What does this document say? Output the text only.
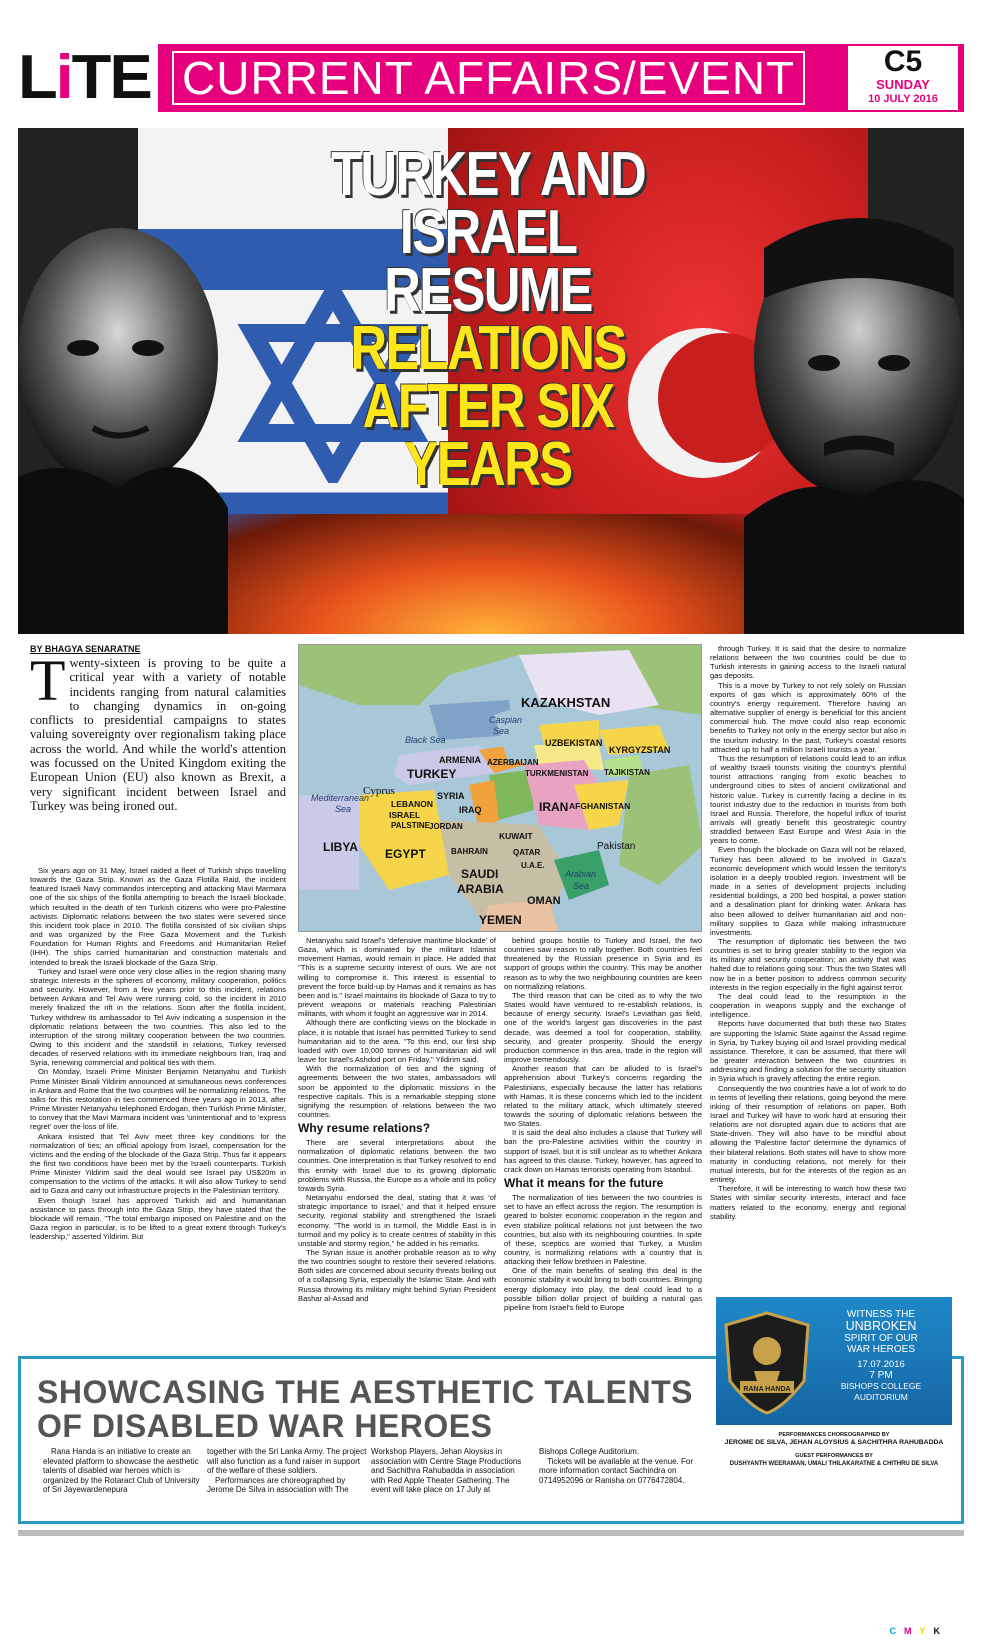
LiTE CURRENT AFFAIRS/EVENT	C5
SUNDAY
10 JULY 2016
TURKEY AND
ISRAEL
RESUME
RELATIONS
AFTER SIX
YEARS
BY BHAGYA SENARATNE
Twenty-sixteen is proving to be quite a critical year with a variety of notable incidents ranging from natural calamities to changing dynamics in on-going conflicts to presidential campaigns to states valuing sovereignty over regionalism taking place across the world. And while the world's attention was focussed on the United Kingdom exiting the European Union (EU) also known as Brexit, a very significant incident between Israel and Turkey was being ironed out.

Six years ago on 31 May, Israel raided a fleet of Turkish ships travelling towards the Gaza Strip. Known as the Gaza Flotilla Raid, the incident featured Israeli Navy commandos intercepting and attacking Mavi Marmara one of the six ships of the flotilla attempting to breach the Israeli blockade, which resulted in the death of ten Turkish citizens who were pro-Palestine activists. Diplomatic relations between the two states were severed since this incident took place in 2010. The flotilla consisted of six civilian ships and was organized by the Free Gaza Movement and the Turkish Foundation for Human Rights and Freedoms and Humanitarian Relief (IHH). The ships carried humanitarian and construction materials and intended to break the Israeli blockade of the Gaza Strip.

Turkey and Israel were once very close allies in the region sharing many strategic interests in the spheres of economy, military cooperation, politics and security. However, from a few years prior to this incident, relations between Ankara and Tel Aviv were running cold, so the incident in 2010 merely finalized the rift in the relations. Soon after the flotilla incident, Turkey withdrew its ambassador to Tel Aviv indicating a suspension in the diplomatic relations between the two countries. This also led to the interruption of the strong military cooperation between the two countries. Owing to this incident and the standstill in relations, Turkey reversed decades of reserved relations with its immediate neighbours Iran, Iraq and Syria, renewing commercial and political ties with them.

On Monday, Israeli Prime Minister Benjamin Netanyahu and Turkish Prime Minister Binali Yildirim announced at simultaneous news conferences in Ankara and Rome that the two countries will be normalizing relations. The talks for this restoration in ties commenced three years ago in 2013, after Prime Minister Netanyahu telephoned Erdogan, then Turkish Prime Minister, to convey that the Mavi Marmara incident was 'unintentional' and to 'express regret' over the loss of life.

Ankara insisted that Tel Aviv meet three key conditions for the normalization of ties; an official apology from Israel, compensation for the victims and the ending of the blockade of the Gaza Strip. Thus far it appears the first two conditions have been met by the Israeli counterparts. Turkish Prime Minister Yildirim said the deal would see Israel pay US$20m in compensation to the victims of the attacks. It will also allow Turkey to send aid to Gaza and carry out infrastructure projects in the Palestinian territory.

Even though Israel has approved Turkish aid and humanitarian assistance to pass through into the Gaza Strip, they have stated that the blockade will remain. "The total embargo imposed on Palestine and on the Gaza region in particular, is to be lifted to a great extent through Turkey's leadership," asserted Yildirim. But

KAZAKHSTAN
UZBEKISTAN
KYRGYZSTAN
TURKMENISTAN TAJIKISTAN
AZERBAIJAN
ARMENIA
TURKEY
SYRIA
LEBANON
ISRAEL
PALSTINE JORDAN
IRAQ	IRAN AFGHANISTAN
Pakistan
KUWAIT
BAHRAIN	QATAR
U.A.E.
OMAN
SAUDI
ARABIA
YEMEN
EGYPT
LIBYA
Cyprus
Black Sea
Caspian
Sea
Mediterranean
Sea
Arabian
Sea

Netanyahu said Israel's 'defensive maritime blockade' of Gaza, which is dominated by the militant Islamist movement Hamas, would remain in place. He added that "This is a supreme security interest of ours. We are not willing to compromise it. This interest is essential to prevent the force build-up by Hamas and it remains as has been and is." Israel maintains its blockade of Gaza to try to prevent weapons or materials reaching Palestinian militants, with whom it fought an aggressive war in 2014.

Although there are conflicting views on the blockade in place, it is notable that Israel has permitted Turkey to send humanitarian aid to the area. "To this end, our first ship loaded with over 10,000 tonnes of humanitarian aid will leave for Israel's Ashdod port on Friday," Yildirim said.

With the normalization of ties and the signing of agreements between the two states, ambassadors will soon be appointed to the diplomatic missions in the respective capitals. This is a remarkable stepping stone signifying the resumption of relations between the two countries.

Why resume relations?

There are several interpretations about the normalization of diplomatic relations between the two countries. One interpretation is that Turkey resolved to end this enmity with Israel due to its growing diplomatic problems with Russia, the Europe as a whole and its policy towards Syria.

Netanyahu endorsed the deal, stating that it was 'of strategic importance to Israel,' and that it helped ensure security, regional stability and strengthened the Israeli economy. "The world is in turmoil, the Middle East is in turmoil and my policy is to create centres of stability in this unstable and stormy region," he added in his remarks.

The Syrian issue is another probable reason as to why the two countries sought to restore their severed relations. Both sides are concerned about security threats boiling out of a collapsing Syria, especially the Islamic State. And with Russia throwing its military might behind Syrian President Bashar al-Assad and

behind groups hostile to Turkey and Israel, the two countries saw reason to rally together. Both countries feel threatened by the Russian presence in Syria and its support of groups within the country. This may be another reason as to why the two neighbouring countries are keen on normalizing relations.

The third reason that can be cited as to why the two States would have ventured to re-establish relations, is because of energy security. Israel's Leviathan gas field, one of the world's largest gas discoveries in the past decade, was deemed a tool for cooperation, stability, security, and greater prosperity. Should the energy production commence in this area, trade in the region will improve tremendously.

Another reason that can be alluded to is Israel's apprehension about Turkey's concerns regarding the Palestinians, especially because the latter has relations with Hamas. It is these concerns which led to the incident related to the military attack, which ultimately steered towards the souring of diplomatic relations between the two States.

It is said the deal also includes a clause that Turkey will ban the pro-Palestine activities within the country in support of Israel, but it is still unclear as to whether Ankara has agreed to this clause. Turkey, however, has agreed to crack down on Hamas terrorists operating from Istanbul.

What it means for the future

The normalization of ties between the two countries is set to have an effect across the region. The resumption is geared to bolster economic cooperation in the region and even stabilize political relations not just between the two countries, but also with its neighbouring countries. In spite of these, sceptics are worried that Turkey, a Muslim country, is normalizing relations with a country that is attacking their fellow brethren in Palestine.

One of the main benefits of sealing this deal is the economic stability it would bring to both countries. Bringing energy diplomacy into play, the deal could lead to a possible billion dollar project of building a natural gas pipeline from Israel's field to Europe

through Turkey. It is said that the desire to normalize relations between the two countries could be due to Turkish interests in gaining access to the Israeli natural gas deposits.

This is a move by Turkey to not rely solely on Russian exports of gas which is approximately 60% of the country's energy requirement. Therefore having an alternative supplier of energy is beneficial for this ancient commercial hub. The move could also reap economic benefits to Turkey not only in the energy sector but also in the tourism industry. In the past, Turkey's coastal resorts attracted up to half a million Israeli tourists a year.

Thus the resumption of relations could lead to an influx of wealthy Israeli tourists visiting the country's plentiful tourist attractions ranging from exotic beaches to underground cities to sites of ancient civilizational and historic value. Turkey is currently facing a decline in its tourist industry due to the reduction in tourists from both Israel and Russia. Therefore, the hopeful influx of tourist arrivals will greatly benefit this geostrategic country straddled between East Europe and West Asia in the years to come.

Even though the blockade on Gaza will not be relaxed, Turkey has been allowed to be involved in Gaza's economic development which would lessen the territory's isolation in a deeply troubled region. Investment will be made in a series of development projects including residential buildings, a 200 bed hospital, a power station and a desalination plant for drinking water. Ankara has also been allowed to deliver humanitarian aid and non-military supplies to Gaza while making infrastructure investments.

The resumption of diplomatic ties between the two countries is set to bring greater stability to the region via its military and security cooperation; an activity that was halted due to relations going sour. Thus the two States will now be in a better position to address common security interests in the region especially in the fight against terror.

The deal could lead to the resumption in the cooperation in weapons supply and the exchange of intelligence.

Reports have documented that both these two States are supporting the Islamic State against the Assad regime in Syria, by Turkey buying oil and Israel providing medical assistance. Therefore, it can be assumed, that there will be greater interaction between the two countries in addressing and finding a solution for the security situation in Syria which is gravely affecting the entire region.

Consequently the two countries have a lot of work to do in terms of levelling their relations, going beyond the mere inking of their resumption of relations on paper. Both Israel and Turkey will have to work hard at ensuring their relations are not disrupted again due to actions that are State-driven. They will also have to be mindful about allowing the 'Palestine factor' determine the dynamics of their bilateral relations. Both states will have to show more maturity in conducting relations, not merely for their mutual interests, but for the interests of the region as an entirety.

Therefore, it will be interesting to watch how these two States with similar security interests, interact and face matters related to the economy, energy and regional stability.

SHOWCASING THE AESTHETIC TALENTS OF DISABLED WAR HEROES

Rana Handa is an initiative to create an elevated platform to showcase the aesthetic talents of disabled war heroes which is organized by the Rotaract Club of University of Sri Jayewardenepura

together with the Sri Lanka Army. The project will also function as a fund raiser in support of the welfare of these soldiers.

Performances are choreographed by Jerome De Silva in association with The

Workshop Players, Jehan Aloysius in association with Centre Stage Productions and Sachithra Rahubadda in association with Red Apple Theater Gathering. The event will take place on 17 July at

Bishops College Auditorium.

Tickets will be available at the venue. For more information contact Sachindra on 0714952096 or Ranisha on 0776472804.

RANA HANDA
WITNESS THE
UNBROKEN
SPIRIT OF OUR
WAR HEROES
17.07.2016
7 PM
BISHOPS COLLEGE
AUDITORIUM
PERFORMANCES CHOREOGRAPHED BY
JEROME DE SILVA, JEHAN ALOYSIUS & SACHITHRA RAHUBADDA
GUEST PERFORMANCES BY
DUSHYANTH WEERAMAN, UMALI THILAKARATNE & CHITHRU DE SILVA
CMYK
